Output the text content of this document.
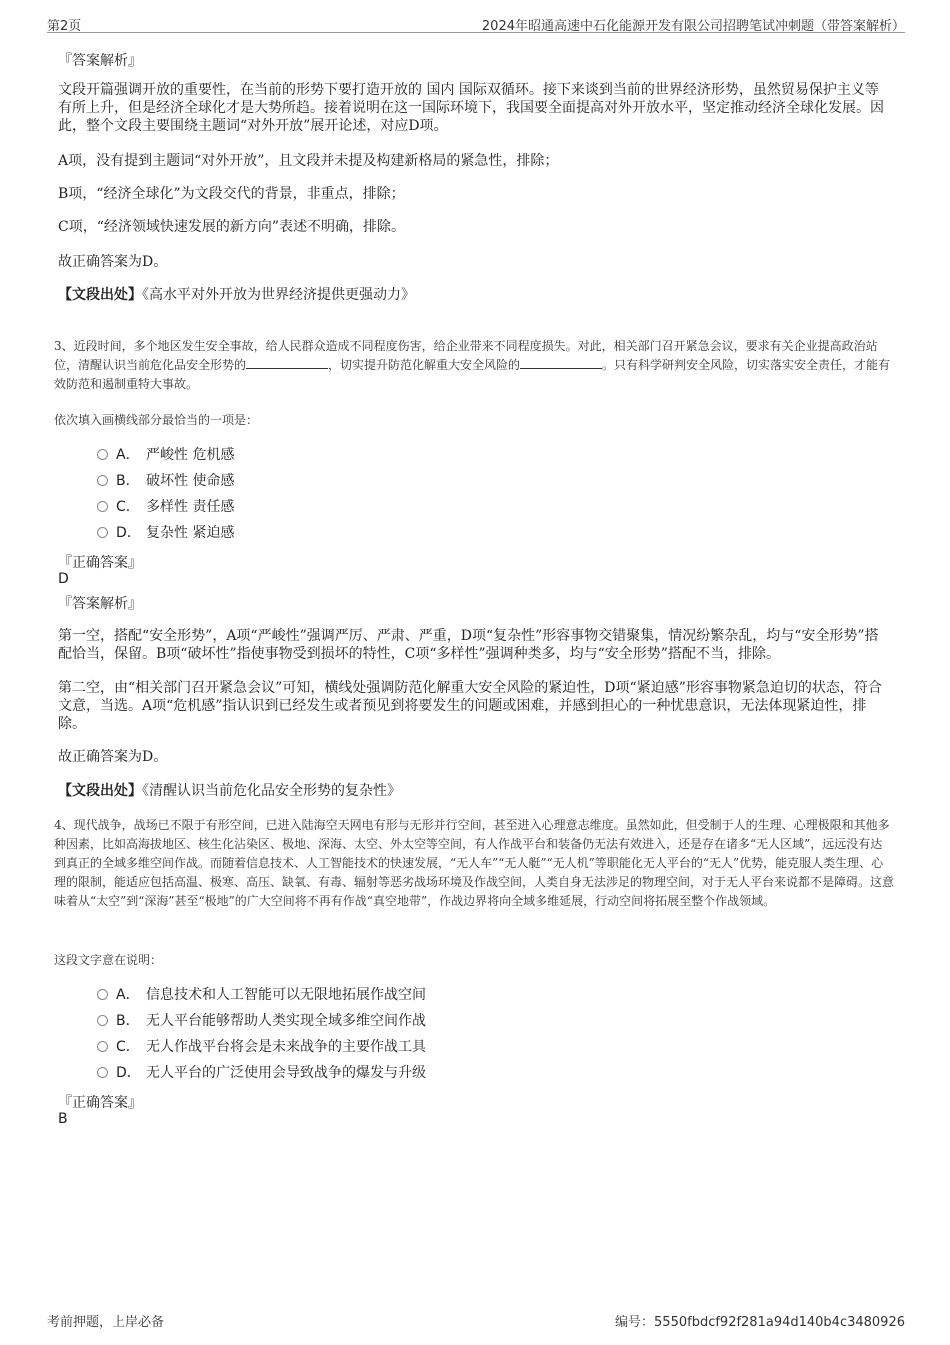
第2页	2024年昭通高速中石化能源开发有限公司招聘笔试冲刺题（带答案解析）
『答案解析』
文段开篇强调开放的重要性，在当前的形势下要打造开放的 国内 国际双循环。接下来谈到当前的世界经济形势，虽然贸易保护主义等有所上升，但是经济全球化才是大势所趋。接着说明在这一国际环境下，我国要全面提高对外开放水平，坚定推动经济全球化发展。因此，整个文段主要围绕主题词“对外开放”展开论述，对应D项。
A项，没有提到主题词“对外开放”，且文段并未提及构建新格局的紧急性，排除；
B项，“经济全球化”为文段交代的背景，非重点，排除；
C项，“经济领域快速发展的新方向”表述不明确，排除。
故正确答案为D。
【文段出处】《高水平对外开放为世界经济提供更强动力》
3、近段时间，多个地区发生安全事故，给人民群众造成不同程度伤害，给企业带来不同程度损失。对此，相关部门召开紧急会议，要求有关企业提高政治站位，清醒认识当前危化品安全形势的	，切实提升防范化解重大安全风险的	。只有科学研判安全风险，切实落实安全责任，才能有效防范和遏制重特大事故。
依次填入画横线部分最恰当的一项是：
A． 严峻性 危机感
B． 破坏性 使命感
C． 多样性 责任感
D． 复杂性 紧迫感
『正确答案』
D
『答案解析』
第一空，搭配“安全形势”，A项“严峻性”强调严厉、严肃、严重，D项“复杂性”形容事物交错聚集，情况纷繁杂乱，均与“安全形势”搭配恰当，保留。B项“破坏性”指使事物受到损坏的特性，C项“多样性”强调种类多，均与“安全形势”搭配不当，排除。
第二空，由“相关部门召开紧急会议”可知，横线处强调防范化解重大安全风险的紧迫性，D项“紧迫感”形容事物紧急迫切的状态，符合文意，当选。A项“危机感”指认识到已经发生或者预见到将要发生的问题或困难，并感到担心的一种忧患意识，无法体现紧迫性，排除。
故正确答案为D。
【文段出处】《清醒认识当前危化品安全形势的复杂性》
4、现代战争，战场已不限于有形空间，已进入陆海空天网电有形与无形并行空间，甚至进入心理意志维度。虽然如此，但受制于人的生理、心理极限和其他多种因素，比如高海拔地区、核生化沾染区、极地、深海、太空、外太空等空间，有人作战平台和装备仍无法有效进入，还是存在诸多“无人区域”，远远没有达到真正的全域多维空间作战。而随着信息技术、人工智能技术的快速发展，“无人车”“无人艇”“无人机”等职能化无人平台的“无人”优势，能克服人类生理、心理的限制，能适应包括高温、极寒、高压、缺氧、有毒、辐射等恶劣战场环境及作战空间，人类自身无法涉足的物理空间，对于无人平台来说都不是障碍。这意味着从“太空”到“深海”甚至“极地”的广大空间将不再有作战“真空地带”，作战边界将向全域多维延展，行动空间将拓展至整个作战领域。
这段文字意在说明：
A． 信息技术和人工智能可以无限地拓展作战空间
B． 无人平台能够帮助人类实现全域多维空间作战
C． 无人作战平台将会是未来战争的主要作战工具
D． 无人平台的广泛使用会导致战争的爆发与升级
『正确答案』
B
考前押题，上岸必备	编号：5550fbdcf92f281a94d140b4c3480926
